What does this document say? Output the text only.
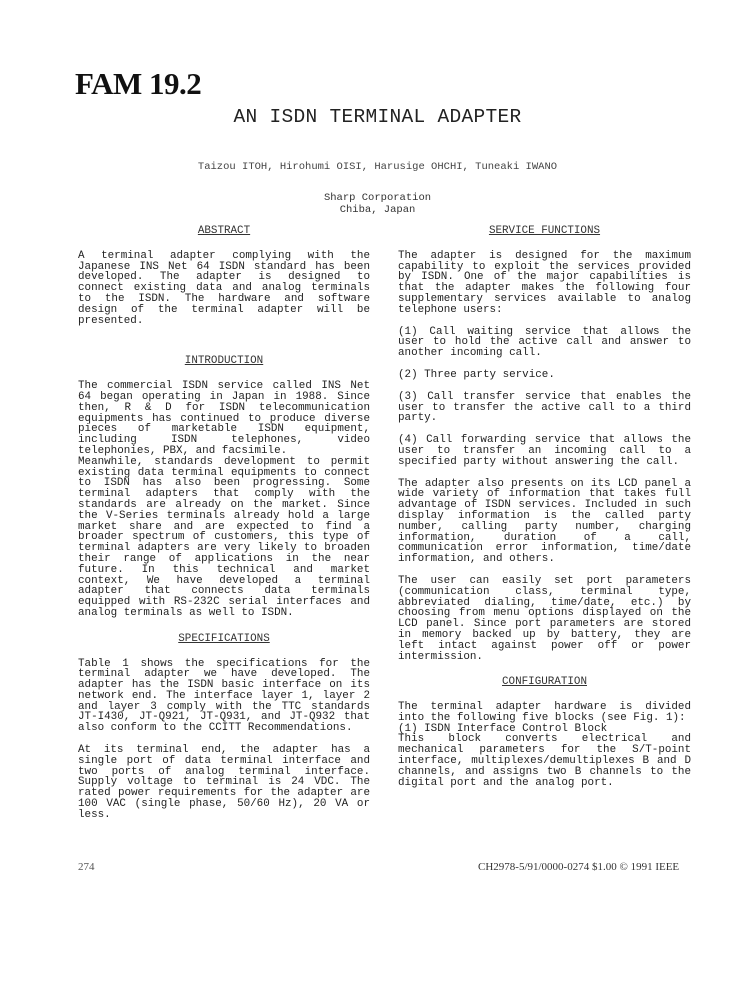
FAM 19.2
AN ISDN TERMINAL ADAPTER
Taizou ITOH, Hirohumi OISI, Harusige OHCHI, Tuneaki IWANO
Sharp Corporation
Chiba, Japan
ABSTRACT

A terminal adapter complying with the Japanese INS Net 64 ISDN standard has been developed. The adapter is designed to connect existing data and analog terminals to the ISDN. The hardware and software design of the terminal adapter will be presented.

INTRODUCTION

The commercial ISDN service called INS Net 64 began operating in Japan in 1988. Since then, R & D for ISDN telecommunication equipments has continued to produce diverse pieces of marketable ISDN equipment, including ISDN telephones, video telephonies, PBX, and facsimile.

Meanwhile, standards development to permit existing data terminal equipments to connect to ISDN has also been progressing. Some terminal adapters that comply with the standards are already on the market. Since the V-Series terminals already hold a large market share and are expected to find a broader spectrum of customers, this type of terminal adapters are very likely to broaden their range of applications in the near future. In this technical and market context, We have developed a terminal adapter that connects data terminals equipped with RS-232C serial interfaces and analog terminals as well to ISDN.

SPECIFICATIONS

Table 1 shows the specifications for the terminal adapter we have developed. The adapter has the ISDN basic interface on its network end. The interface layer 1, layer 2 and layer 3 comply with the TTC standards JT-I430, JT-Q921, JT-Q931, and JT-Q932 that also conform to the CCITT Recommendations.

At its terminal end, the adapter has a single port of data terminal interface and two ports of analog terminal interface. Supply voltage to terminal is 24 VDC. The rated power requirements for the adapter are 100 VAC (single phase, 50/60 Hz), 20 VA or less.

SERVICE FUNCTIONS

The adapter is designed for the maximum capability to exploit the services provided by ISDN. One of the major capabilities is that the adapter makes the following four supplementary services available to analog telephone users:

(1) Call waiting service that allows the user to hold the active call and answer to another incoming call.

(2) Three party service.

(3) Call transfer service that enables the user to transfer the active call to a third party.

(4) Call forwarding service that allows the user to transfer an incoming call to a specified party without answering the call.

The adapter also presents on its LCD panel a wide variety of information that takes full advantage of ISDN services. Included in such display information is the called party number, calling party number, charging information, duration of a call, communication error information, time/date information, and others.

The user can easily set port parameters (communication class, terminal type, abbreviated dialing, time/date, etc.) by choosing from menu options displayed on the LCD panel. Since port parameters are stored in memory backed up by battery, they are left intact against power off or power intermission.

CONFIGURATION

The terminal adapter hardware is divided into the following five blocks (see Fig. 1):

(1) ISDN Interface Control Block

This block converts electrical and mechanical parameters for the S/T-point interface, multiplexes/demultiplexes B and D channels, and assigns two B channels to the digital port and the analog port.

274	CH2978-5/91/0000-0274 $1.00 © 1991 IEEE
